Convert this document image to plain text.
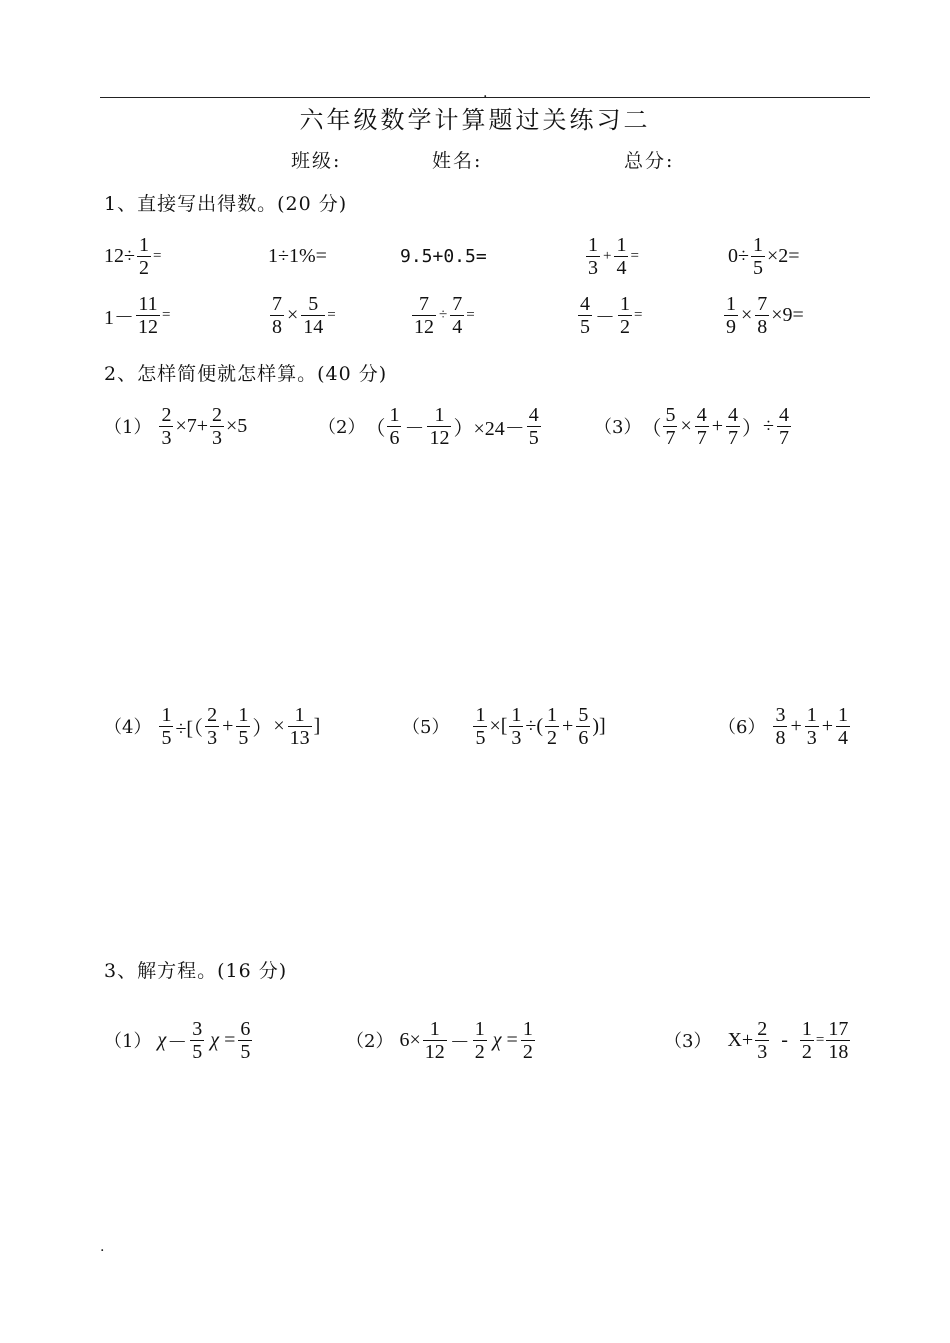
.
六年级数学计算题过关练习二
班级:	姓名:	总分:
1、直接写出得数。(20 分)
$12\div \frac{1}{2}$ =	1÷1%=	9.5+0.5=	$\frac{1}{3} + \frac{1}{4}$ =	$0\div \frac{1}{5} \times 2=$
$1- \frac{11}{12}$ =	$\frac{7}{8} \times \frac{5}{14}$ =	$\frac{7}{12} \div \frac{7}{4}$ =	$\frac{4}{5} - \frac{1}{2}$ =	$\frac{1}{9} \times \frac{7}{8} \times 9=$
2、怎样简便就怎样算。(40 分)
$(1) \frac{2}{3} \times 7+ \frac{2}{3} \times 5$	（2） （ $\frac{1}{6} - \frac{1}{12}$ ） $\times 24- \frac{4}{5}$	（3） （ $\frac{5}{7} \times \frac{4}{7} + \frac{4}{7}$ ） ÷ $\frac{4}{7}$
$(4) \frac{1}{5}$ ÷[（ $\frac{2}{3} + \frac{1}{5}$ ） × $\frac{1}{13}$ ]	$(5) \frac{1}{5}$ ×[ $\frac{1}{3}$ ÷( $\frac{1}{2} + \frac{5}{6}$ )]	$(6) \frac{3}{8} + \frac{1}{3} + \frac{1}{4}$
3、解方程。(16 分)
（1） $\chi - \frac{3}{5}$ $\chi = \frac{6}{5}$	（2） $6\times \frac{1}{12} - \frac{1}{2}$ $\chi = \frac{1}{2}$	（3） $X+ \frac{2}{3} - \frac{1}{2} = \frac{17}{18}$
.
